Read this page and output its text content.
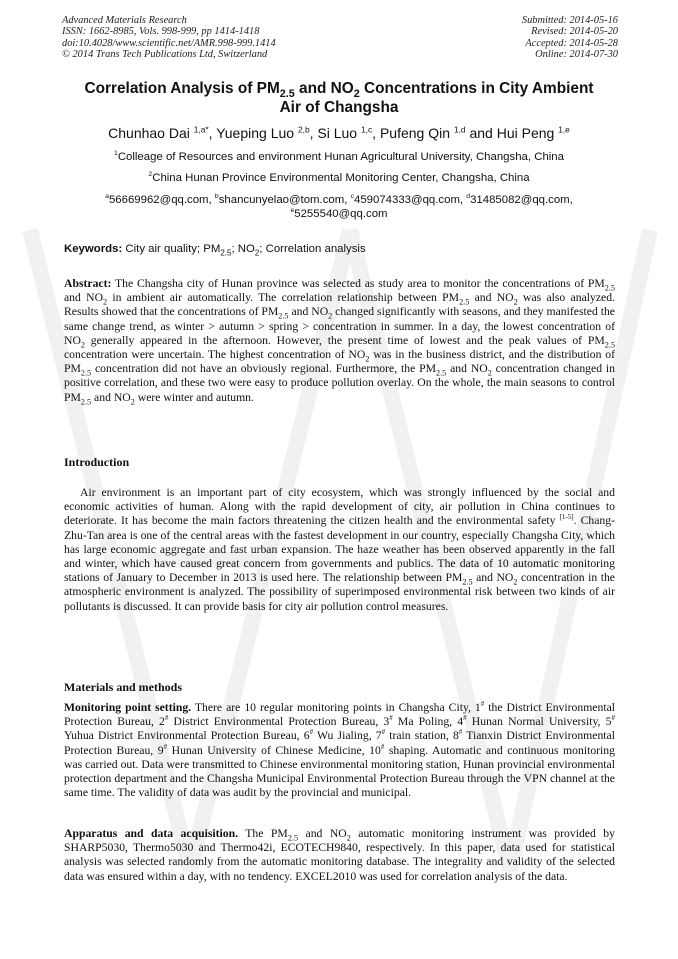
Advanced Materials Research
ISSN: 1662-8985, Vols. 998-999, pp 1414-1418
doi:10.4028/www.scientific.net/AMR.998-999.1414
© 2014 Trans Tech Publications Ltd, Switzerland
Submitted: 2014-05-16
Revised: 2014-05-20
Accepted: 2014-05-28
Online: 2014-07-30
Correlation Analysis of $PM_{2.5}$ and $NO_2$ Concentrations in City Ambient
Air of Changsha
Chunhao Dai $^{1,a*}$, Yueping Luo $^{2,b}$, Si Luo $^{1,c}$, Pufeng Qin $^{1,d}$ and Hui Peng $^{1,e}$
$^1$Colleage of Resources and environment Hunan Agricultural University, Changsha, China
$^2$China Hunan Province Environmental Monitoring Center, Changsha, China
$^a$56669962@qq.com, $^b$shancunyelao@tom.com, $^c$459074333@qq.com, $^d$31485082@qq.com,
$^e$5255540@qq.com
Keywords: City air quality; $PM_{2.5}$; $NO_2$; Correlation analysis
Abstract: The Changsha city of Hunan province was selected as study area to monitor the concentrations of $PM_{2.5}$ and $NO_2$ in ambient air automatically. The correlation relationship between $PM_{2.5}$ and $NO_2$ was also analyzed. Results showed that the concentrations of $PM_{2.5}$ and $NO_2$ changed significantly with seasons, and they manifested the same change trend, as winter > autumn > spring > concentration in summer. In a day, the lowest concentration of $NO_2$ generally appeared in the afternoon. However, the present time of lowest and the peak values of $PM_{2.5}$ concentration were uncertain. The highest concentration of $NO_2$ was in the business district, and the distribution of $PM_{2.5}$ concentration did not have an obviously regional. Furthermore, the $PM_{2.5}$ and $NO_2$ concentration changed in positive correlation, and these two were easy to produce pollution overlay. On the whole, the main seasons to control $PM_{2.5}$ and $NO_2$ were winter and autumn.
Introduction
Air environment is an important part of city ecosystem, which was strongly influenced by the social and economic activities of human. Along with the rapid development of city, air pollution in China continues to deteriorate. It has become the main factors threatening the citizen health and the environmental safety [1-5]. Chang-Zhu-Tan area is one of the central areas with the fastest development in our country, especially Changsha City, which has large economic aggregate and fast urban expansion. The haze weather has been observed apparently in the fall and winter, which have caused great concern from governments and publics. The data of 10 automatic monitoring stations of January to December in 2013 is used here. The relationship between $PM_{2.5}$ and $NO_2$ concentration in the atmospheric environment is analyzed. The possibility of superimposed environmental risk between two kinds of air pollutants is discussed. It can provide basis for city air pollution control measures.
Materials and methods
Monitoring point setting. There are 10 regular monitoring points in Changsha City, 1# the District Environmental Protection Bureau, 2# District Environmental Protection Bureau, 3# Ma Poling, 4# Hunan Normal University, 5# Yuhua District Environmental Protection Bureau, 6# Wu Jialing, 7# train station, 8# Tianxin District Environmental Protection Bureau, 9# Hunan University of Chinese Medicine, 10# shaping. Automatic and continuous monitoring was carried out. Data were transmitted to Chinese environmental monitoring station, Hunan provincial environmental protection department and the Changsha Municipal Environmental Protection Bureau through the VPN channel at the same time. The validity of data was audit by the provincial and municipal.
Apparatus and data acquisition. The $PM_{2.5}$ and $NO_2$ automatic monitoring instrument was provided by SHARP5030, Thermo5030 and Thermo42i, ECOTECH9840, respectively. In this paper, data used for statistical analysis was selected randomly from the automatic monitoring database. The integrality and validity of the selected data was ensured within a day, with no tendency. EXCEL2010 was used for correlation analysis of the data.
